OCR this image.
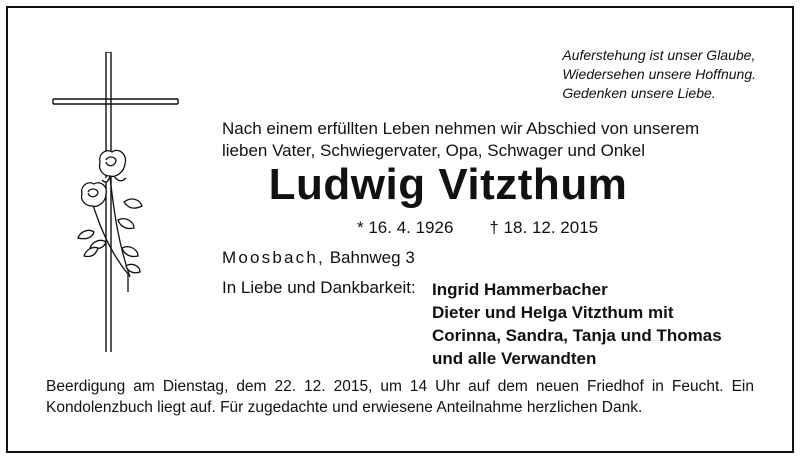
Auferstehung ist unser Glaube,
Wiedersehen unsere Hoffnung.
Gedenken unsere Liebe.
Nach einem erfüllten Leben nehmen wir Abschied von unserem
lieben Vater, Schwiegervater, Opa, Schwager und Onkel
Ludwig Vitzthum
* 16. 4. 1926 † 18. 12. 2015
Moosbach, Bahnweg 3
In Liebe und Dankbarkeit: Ingrid Hammerbacher
Dieter und Helga Vitzthum mit
Corinna, Sandra, Tanja und Thomas
und alle Verwandten
Beerdigung am Dienstag, dem 22. 12. 2015, um 14 Uhr auf dem neuen Friedhof in Feucht. Ein Kondolenzbuch liegt auf. Für zugedachte und erwiesene Anteilnahme herzlichen Dank.
